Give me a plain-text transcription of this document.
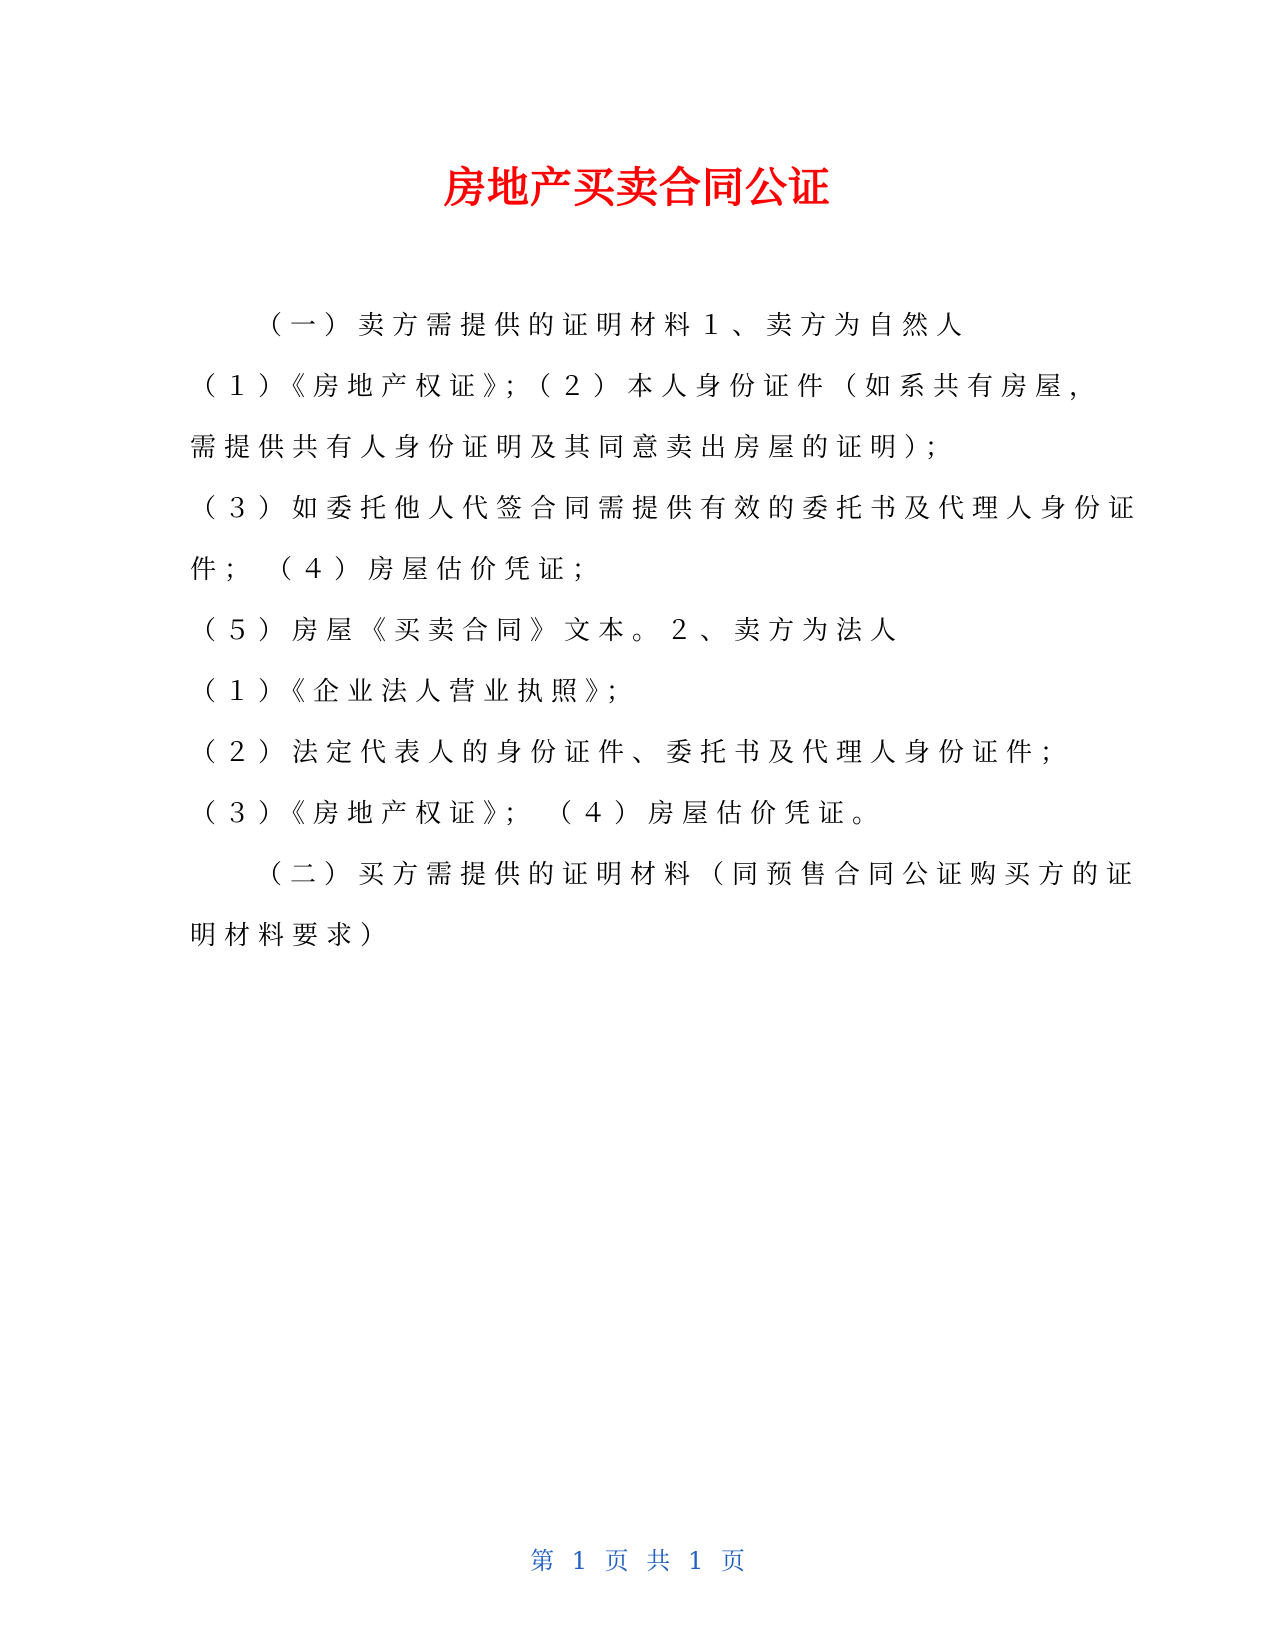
房地产买卖合同公证
（一）卖方需提供的证明材料１、卖方为自然人
（１）《房地产权证》；（２）本人身份证件（如系共有房屋，
需提供共有人身份证明及其同意卖出房屋的证明）；
（３）如委托他人代签合同需提供有效的委托书及代理人身份证
件；　（４）房屋估价凭证；
（５）房屋《买卖合同》文本。２、卖方为法人
（１）《企业法人营业执照》；
（２）法定代表人的身份证件、委托书及代理人身份证件；
（３）《房地产权证》；　（４）房屋估价凭证。
（二）买方需提供的证明材料（同预售合同公证购买方的证
明材料要求）
第 1 页 共 1 页
